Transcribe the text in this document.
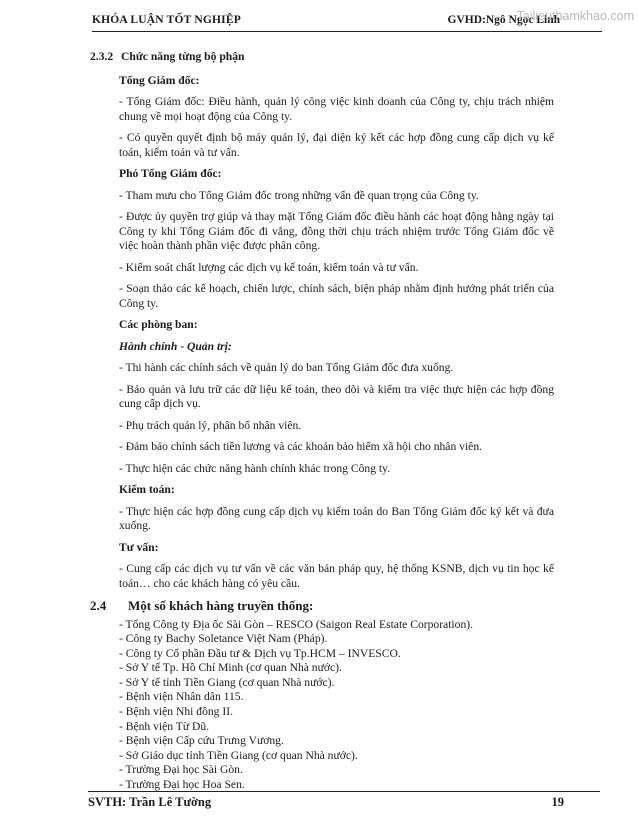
KHÓA LUẬN TỐT NGHIỆP	GVHD:Ngô Ngọc Linh
Tailieuthamkhao.com
2.3.2 Chức năng từng bộ phận
Tổng Giám đốc:
- Tổng Giám đốc: Điều hành, quản lý công việc kinh doanh của Công ty, chịu trách nhiệm chung về mọi hoạt động của Công ty.
- Có quyền quyết định bộ máy quản lý, đại diện ký kết các hợp đồng cung cấp dịch vụ kế toán, kiểm toán và tư vấn.
Phó Tổng Giám đốc:
- Tham mưu cho Tổng Giám đốc trong những vấn đề quan trọng của Công ty.
- Được ủy quyền trợ giúp và thay mặt Tổng Giám đốc điều hành các hoạt động hằng ngày tại Công ty khi Tổng Giám đốc đi vắng, đồng thời chịu trách nhiệm trước Tổng Giám đốc về việc hoàn thành phần việc được phân công.
- Kiểm soát chất lượng các dịch vụ kế toán, kiểm toán và tư vấn.
- Soạn thảo các kế hoạch, chiến lược, chính sách, biện pháp nhằm định hướng phát triển của Công ty.
Các phòng ban:
Hành chính - Quản trị:
- Thi hành các chính sách về quản lý do ban Tổng Giám đốc đưa xuống.
- Bảo quản và lưu trữ các dữ liệu kế toán, theo dõi và kiểm tra việc thực hiện các hợp đồng cung cấp dịch vụ.
- Phụ trách quản lý, phân bổ nhân viên.
- Đảm bảo chính sách tiền lương và các khoản bảo hiểm xã hội cho nhân viên.
- Thực hiện các chức năng hành chính khác trong Công ty.
Kiểm toán:
- Thực hiện các hợp đồng cung cấp dịch vụ kiểm toán do Ban Tổng Giám đốc ký kết và đưa xuống.
Tư vấn:
- Cung cấp các dịch vụ tư vấn về các văn bản pháp quy, hệ thống KSNB, dịch vụ tin học kế toán… cho các khách hàng có yêu cầu.
2.4 Một số khách hàng truyền thống:
- Tổng Công ty Địa ốc Sài Gòn – RESCO (Saigon Real Estate Corporation).
- Công ty Bachy Soletance Việt Nam (Pháp).
- Công ty Cổ phần Đầu tư & Dịch vụ Tp.HCM – INVESCO.
- Sở Y tế Tp. Hồ Chí Minh (cơ quan Nhà nước).
- Sở Y tế tỉnh Tiền Giang (cơ quan Nhà nước).
- Bệnh viện Nhân dân 115.
- Bệnh viện Nhi đồng II.
- Bệnh viện Từ Dũ.
- Bệnh viện Cấp cứu Trưng Vương.
- Sở Giáo dục tỉnh Tiền Giang (cơ quan Nhà nước).
- Trường Đại học Sài Gòn.
- Trường Đại học Hoa Sen.
SVTH: Trần Lê Tường	19
